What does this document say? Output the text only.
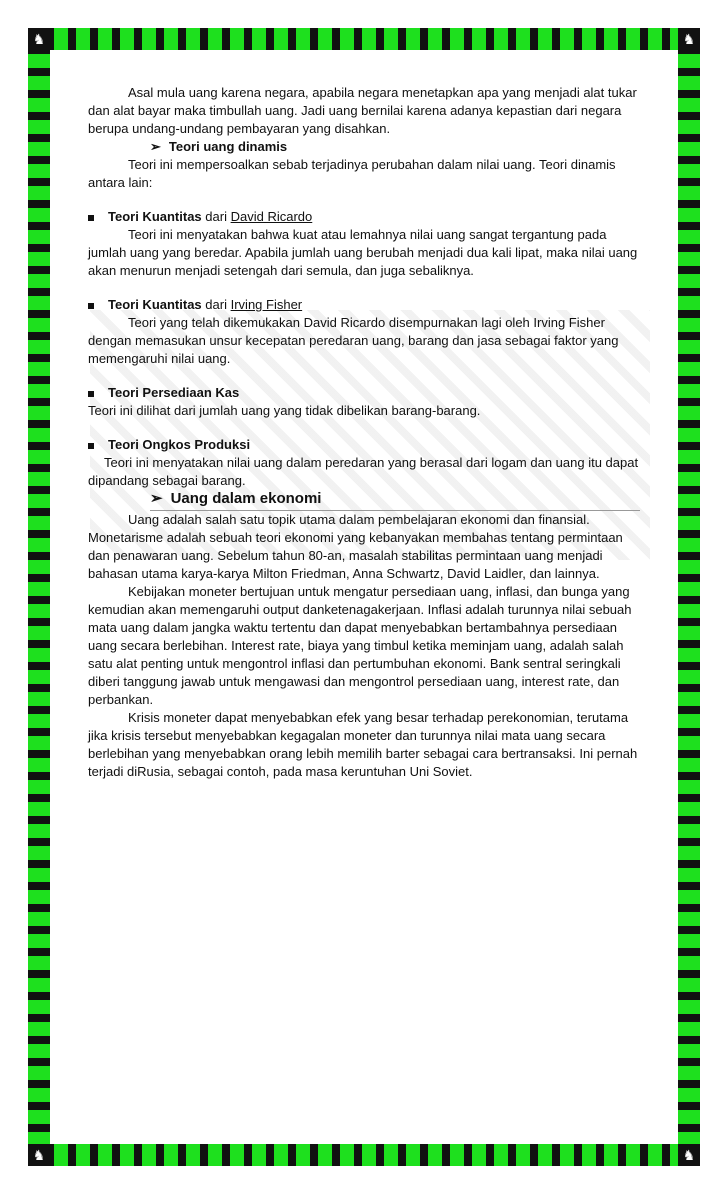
♞	♞
♞	♞

Asal mula uang karena negara, apabila negara menetapkan apa yang menjadi alat tukar dan alat bayar maka timbullah uang. Jadi uang bernilai karena adanya kepastian dari negara berupa undang-undang pembayaran yang disahkan.

➢ Teori uang dinamis

Teori ini mempersoalkan sebab terjadinya perubahan dalam nilai uang. Teori dinamis antara lain:

Teori Kuantitas dari David Ricardo

Teori ini menyatakan bahwa kuat atau lemahnya nilai uang sangat tergantung pada jumlah uang yang beredar. Apabila jumlah uang berubah menjadi dua kali lipat, maka nilai uang akan menurun menjadi setengah dari semula, dan juga sebaliknya.

Teori Kuantitas dari Irving Fisher

Teori yang telah dikemukakan David Ricardo disempurnakan lagi oleh Irving Fisher dengan memasukan unsur kecepatan peredaran uang, barang dan jasa sebagai faktor yang memengaruhi nilai uang.

Teori Persediaan Kas

Teori ini dilihat dari jumlah uang yang tidak dibelikan barang-barang.

Teori Ongkos Produksi

Teori ini menyatakan nilai uang dalam peredaran yang berasal dari logam dan uang itu dapat dipandang sebagai barang.

➢ Uang dalam ekonomi

Uang adalah salah satu topik utama dalam pembelajaran ekonomi dan finansial. Monetarisme adalah sebuah teori ekonomi yang kebanyakan membahas tentang permintaan dan penawaran uang. Sebelum tahun 80-an, masalah stabilitas permintaan uang menjadi bahasan utama karya-karya Milton Friedman, Anna Schwartz, David Laidler, dan lainnya.

Kebijakan moneter bertujuan untuk mengatur persediaan uang, inflasi, dan bunga yang kemudian akan memengaruhi output danketenagakerjaan. Inflasi adalah turunnya nilai sebuah mata uang dalam jangka waktu tertentu dan dapat menyebabkan bertambahnya persediaan uang secara berlebihan. Interest rate, biaya yang timbul ketika meminjam uang, adalah salah satu alat penting untuk mengontrol inflasi dan pertumbuhan ekonomi. Bank sentral seringkali diberi tanggung jawab untuk mengawasi dan mengontrol persediaan uang, interest rate, dan perbankan.

Krisis moneter dapat menyebabkan efek yang besar terhadap perekonomian, terutama jika krisis tersebut menyebabkan kegagalan moneter dan turunnya nilai mata uang secara berlebihan yang menyebabkan orang lebih memilih barter sebagai cara bertransaksi. Ini pernah terjadi diRusia, sebagai contoh, pada masa keruntuhan Uni Soviet.
